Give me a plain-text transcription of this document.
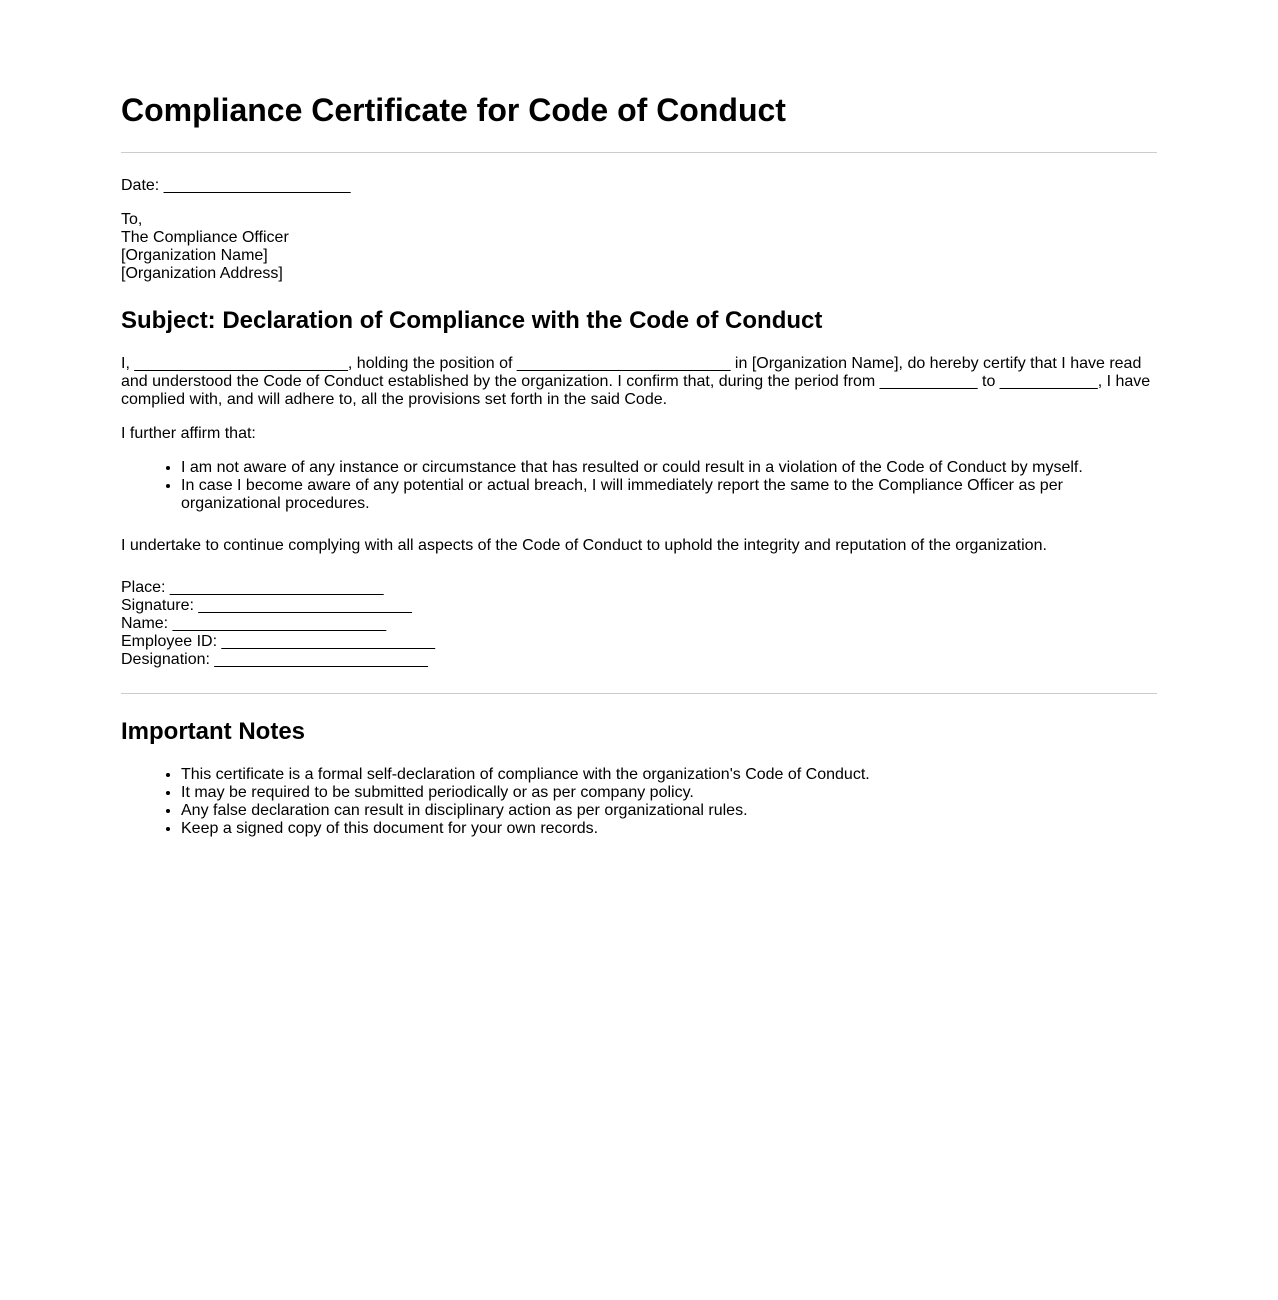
Compliance Certificate for Code of Conduct
Date: _____________________
To,
The Compliance Officer
[Organization Name]
[Organization Address]
Subject: Declaration of Compliance with the Code of Conduct

I, ________________________, holding the position of ________________________ in [Organization Name], do hereby certify that I have read and understood the Code of Conduct established by the organization. I confirm that, during the period from ___________ to ___________, I have complied with, and will adhere to, all the provisions set forth in the said Code.

I further affirm that:
• I am not aware of any instance or circumstance that has resulted or could result in a violation of the Code of Conduct by myself.
• In case I become aware of any potential or actual breach, I will immediately report the same to the Compliance Officer as per organizational procedures.
I undertake to continue complying with all aspects of the Code of Conduct to uphold the integrity and reputation of the organization.
Place: ________________________
Signature: ________________________
Name: ________________________
Employee ID: ________________________
Designation: ________________________
Important Notes
• This certificate is a formal self-declaration of compliance with the organization's Code of Conduct.
• It may be required to be submitted periodically or as per company policy.
• Any false declaration can result in disciplinary action as per organizational rules.
• Keep a signed copy of this document for your own records.
